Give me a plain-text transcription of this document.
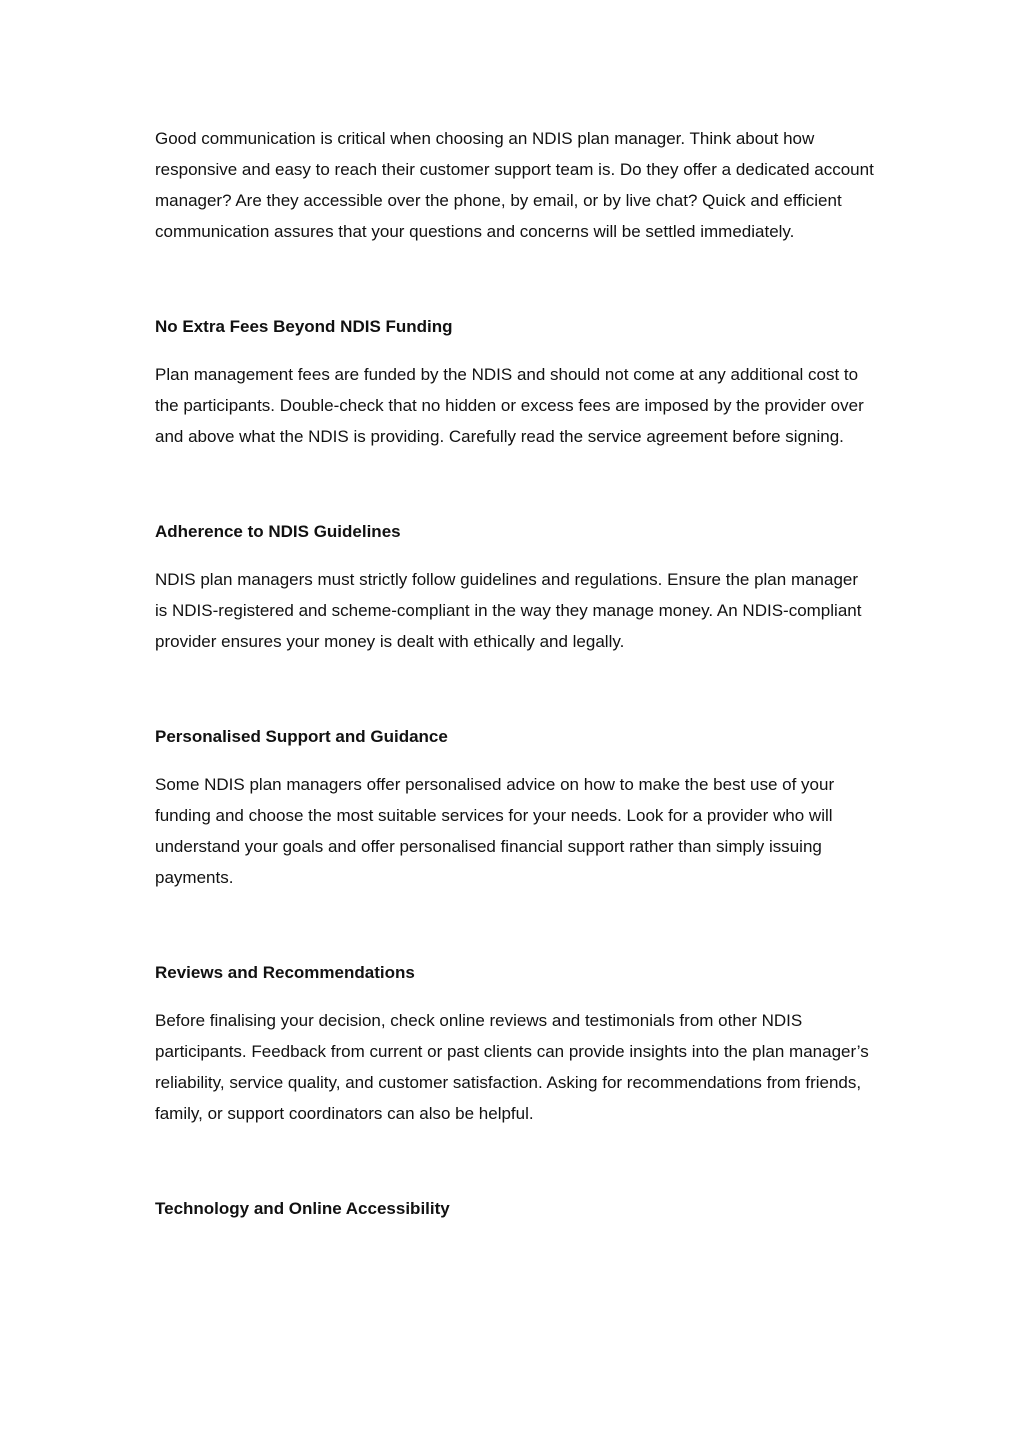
Good communication is critical when choosing an NDIS plan manager. Think about how responsive and easy to reach their customer support team is. Do they offer a dedicated account manager? Are they accessible over the phone, by email, or by live chat? Quick and efficient communication assures that your questions and concerns will be settled immediately.

No Extra Fees Beyond NDIS Funding

Plan management fees are funded by the NDIS and should not come at any additional cost to the participants. Double-check that no hidden or excess fees are imposed by the provider over and above what the NDIS is providing. Carefully read the service agreement before signing.

Adherence to NDIS Guidelines

NDIS plan managers must strictly follow guidelines and regulations. Ensure the plan manager is NDIS-registered and scheme-compliant in the way they manage money. An NDIS-compliant provider ensures your money is dealt with ethically and legally.

Personalised Support and Guidance

Some NDIS plan managers offer personalised advice on how to make the best use of your funding and choose the most suitable services for your needs. Look for a provider who will understand your goals and offer personalised financial support rather than simply issuing payments.

Reviews and Recommendations

Before finalising your decision, check online reviews and testimonials from other NDIS participants. Feedback from current or past clients can provide insights into the plan manager’s reliability, service quality, and customer satisfaction. Asking for recommendations from friends, family, or support coordinators can also be helpful.

Technology and Online Accessibility
